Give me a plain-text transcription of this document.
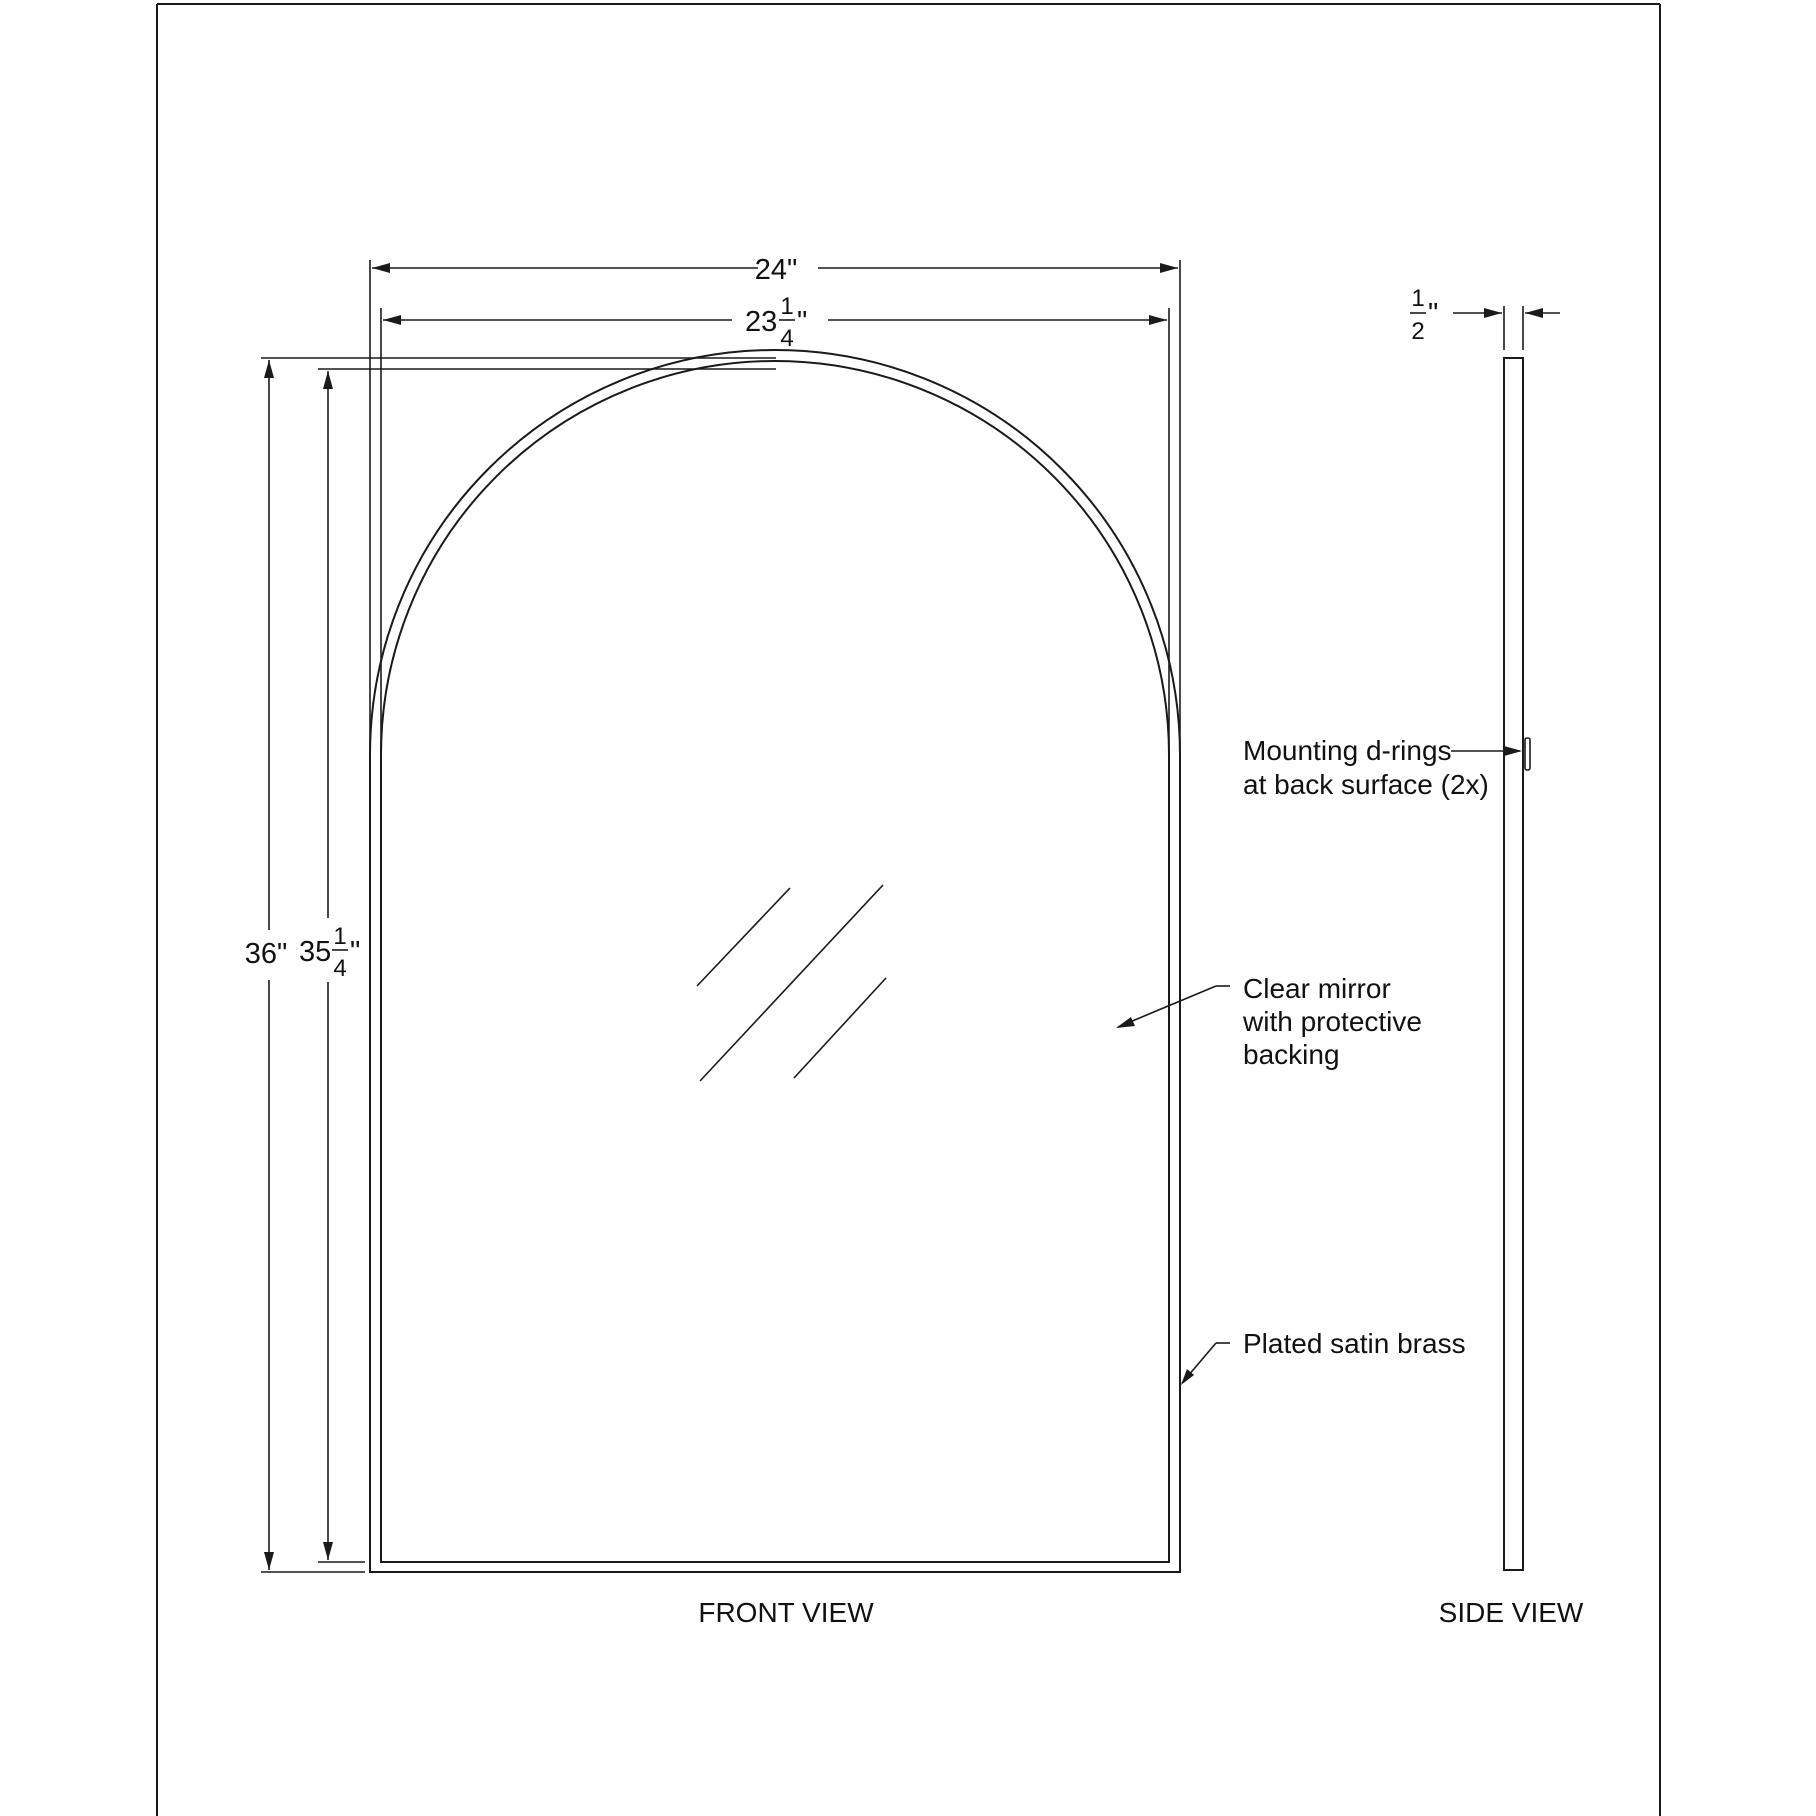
24"
23 1
4
"
36" 35 1
4
"
Clear mirror
with protective
backing
Plated satin brass
FRONT VIEW
1
2
"
Mounting d-rings
at back surface (2x)
SIDE VIEW
